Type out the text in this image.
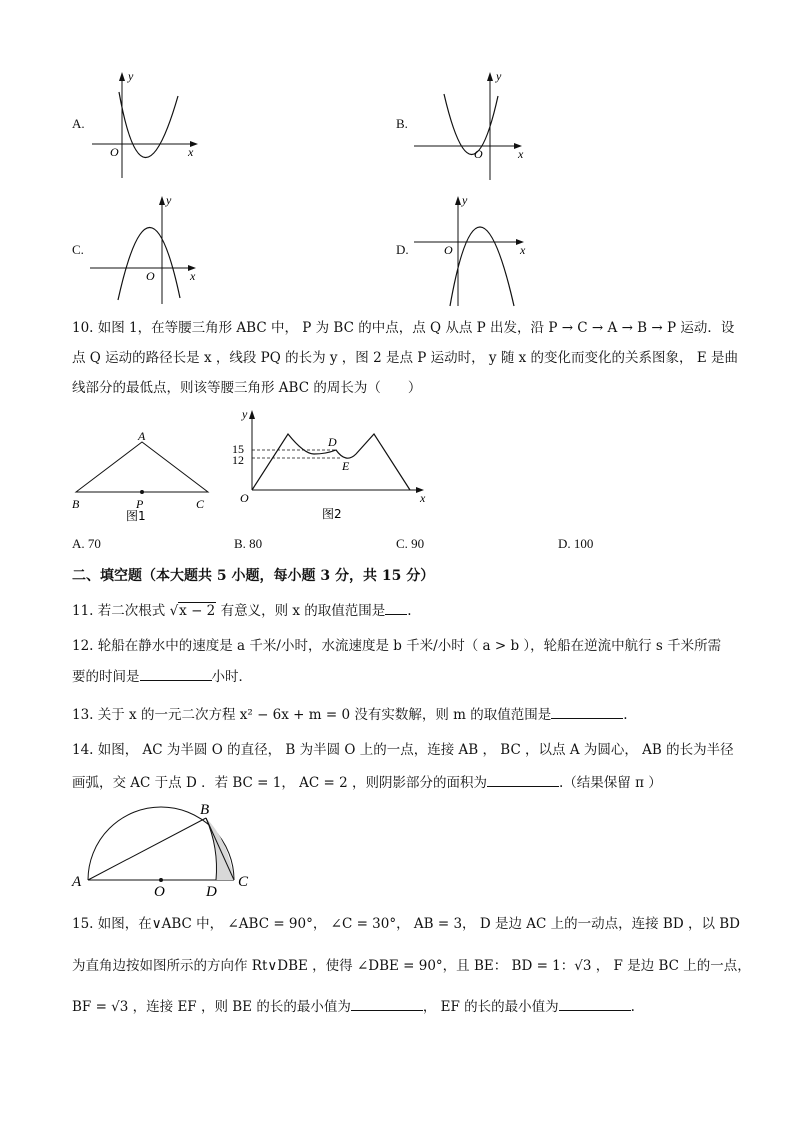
A.
y
x
O
B.
y
x
O
C.
y
x
O
D.
y
x
O
10. 如图 1，在等腰三角形 ABC 中， P 为 BC 的中点，点 Q 从点 P 出发，沿 P → C → A → B → P 运动．设
点 Q 运动的路径长是 x ，线段 PQ 的长为 y ，图 2 是点 P 运动时， y 随 x 的变化而变化的关系图象， E 是曲
线部分的最低点，则该等腰三角形 ABC 的周长为（　　）
A
B	C
P
图1
y
x
O
15
12
D
E
图2
A. 70	B. 80	C. 90	D. 100
二、填空题（本大题共 5 小题，每小题 3 分，共 15 分）
11. 若二次根式 √x − 2 有意义，则 x 的取值范围是 .
12. 轮船在静水中的速度是 a 千米/小时，水流速度是 b 千米/小时（ a > b ），轮船在逆流中航行 s 千米所需
要的时间是	小时．
13. 关于 x 的一元二次方程 x² − 6x + m = 0 没有实数解，则 m 的取值范围是	.
14. 如图， AC 为半圆 O 的直径， B 为半圆 O 上的一点，连接 AB ， BC ，以点 A 为圆心， AB 的长为半径
画弧，交 AC 于点 D ．若 BC = 1， AC = 2 ，则阴影部分的面积为	.（结果保留 π ）
A
B
C
D
O
15. 如图，在∨ABC 中， ∠ABC = 90°， ∠C = 30°， AB = 3， D 是边 AC 上的一动点，连接 BD ，以 BD
为直角边按如图所示的方向作 Rt∨DBE ，使得 ∠DBE = 90°，且 BE： BD = 1：√3 ， F 是边 BC 上的一点，
BF = √3 ，连接 EF ，则 BE 的长的最小值为	， EF 的长的最小值为	.
